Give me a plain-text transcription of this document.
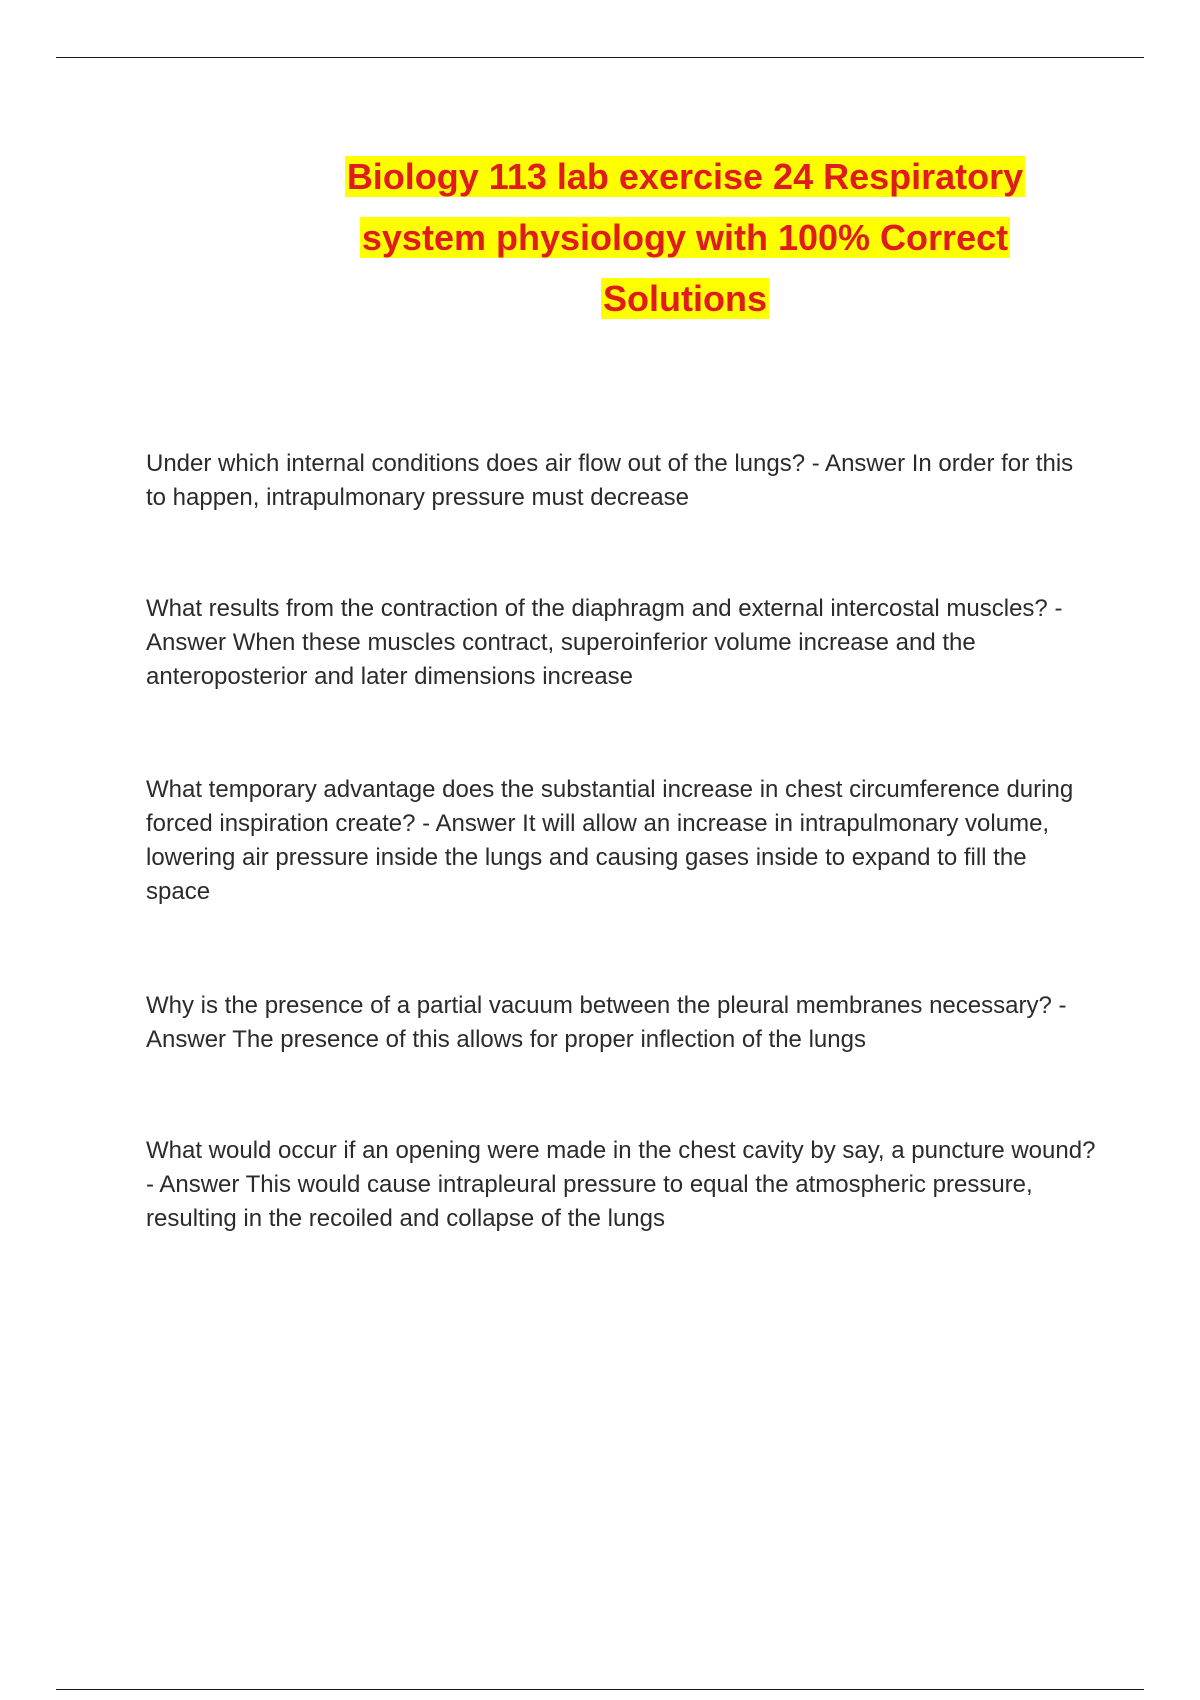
Biology 113 lab exercise 24 Respiratory system physiology with 100% Correct Solutions

Under which internal conditions does air flow out of the lungs? - Answer In order for this to happen, intrapulmonary pressure must decrease

What results from the contraction of the diaphragm and external intercostal muscles? - Answer When these muscles contract, superoinferior volume increase and the anteroposterior and later dimensions increase

What temporary advantage does the substantial increase in chest circumference during forced inspiration create? - Answer It will allow an increase in intrapulmonary volume, lowering air pressure inside the lungs and causing gases inside to expand to fill the space

Why is the presence of a partial vacuum between the pleural membranes necessary? - Answer The presence of this allows for proper inflection of the lungs

What would occur if an opening were made in the chest cavity by say, a puncture wound? - Answer This would cause intrapleural pressure to equal the atmospheric pressure, resulting in the recoiled and collapse of the lungs
